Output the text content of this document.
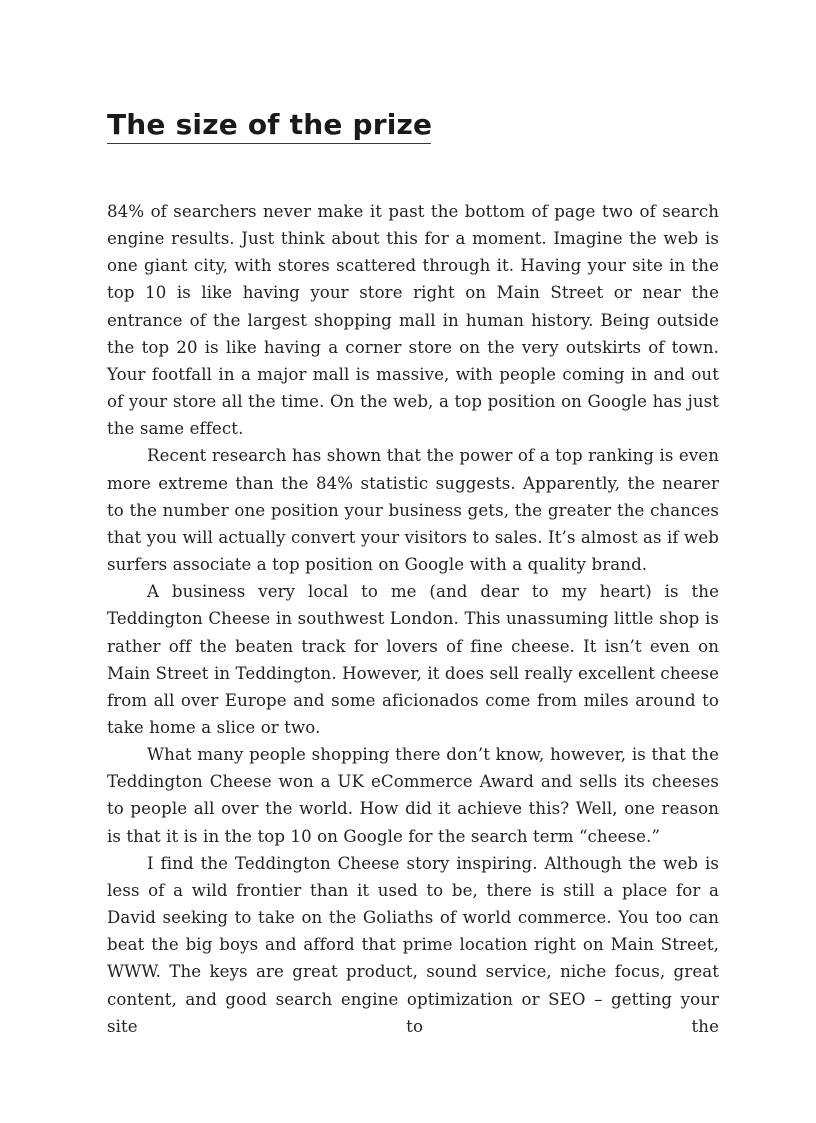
The size of the prize

84% of searchers never make it past the bottom of page two of search engine results. Just think about this for a moment. Imagine the web is one giant city, with stores scattered through it. Having your site in the top 10 is like having your store right on Main Street or near the entrance of the largest shopping mall in human history. Being outside the top 20 is like having a corner store on the very outskirts of town. Your footfall in a major mall is massive, with people coming in and out of your store all the time. On the web, a top position on Google has just the same effect.

Recent research has shown that the power of a top ranking is even more extreme than the 84% statistic suggests. Apparently, the nearer to the number one position your business gets, the greater the chances that you will actually convert your visitors to sales. It’s almost as if web surfers associate a top position on Google with a quality brand.

A business very local to me (and dear to my heart) is the Teddington Cheese in southwest London. This unassuming little shop is rather off the beaten track for lovers of fine cheese. It isn’t even on Main Street in Teddington. However, it does sell really excellent cheese from all over Europe and some aficionados come from miles around to take home a slice or two.

What many people shopping there don’t know, however, is that the Teddington Cheese won a UK eCommerce Award and sells its cheeses to people all over the world. How did it achieve this? Well, one reason is that it is in the top 10 on Google for the search term “cheese.”

I find the Teddington Cheese story inspiring. Although the web is less of a wild frontier than it used to be, there is still a place for a David seeking to take on the Goliaths of world commerce. You too can beat the big boys and afford that prime location right on Main Street, WWW. The keys are great product, sound service, niche focus, great content, and good search engine optimization or SEO – getting your site to the
